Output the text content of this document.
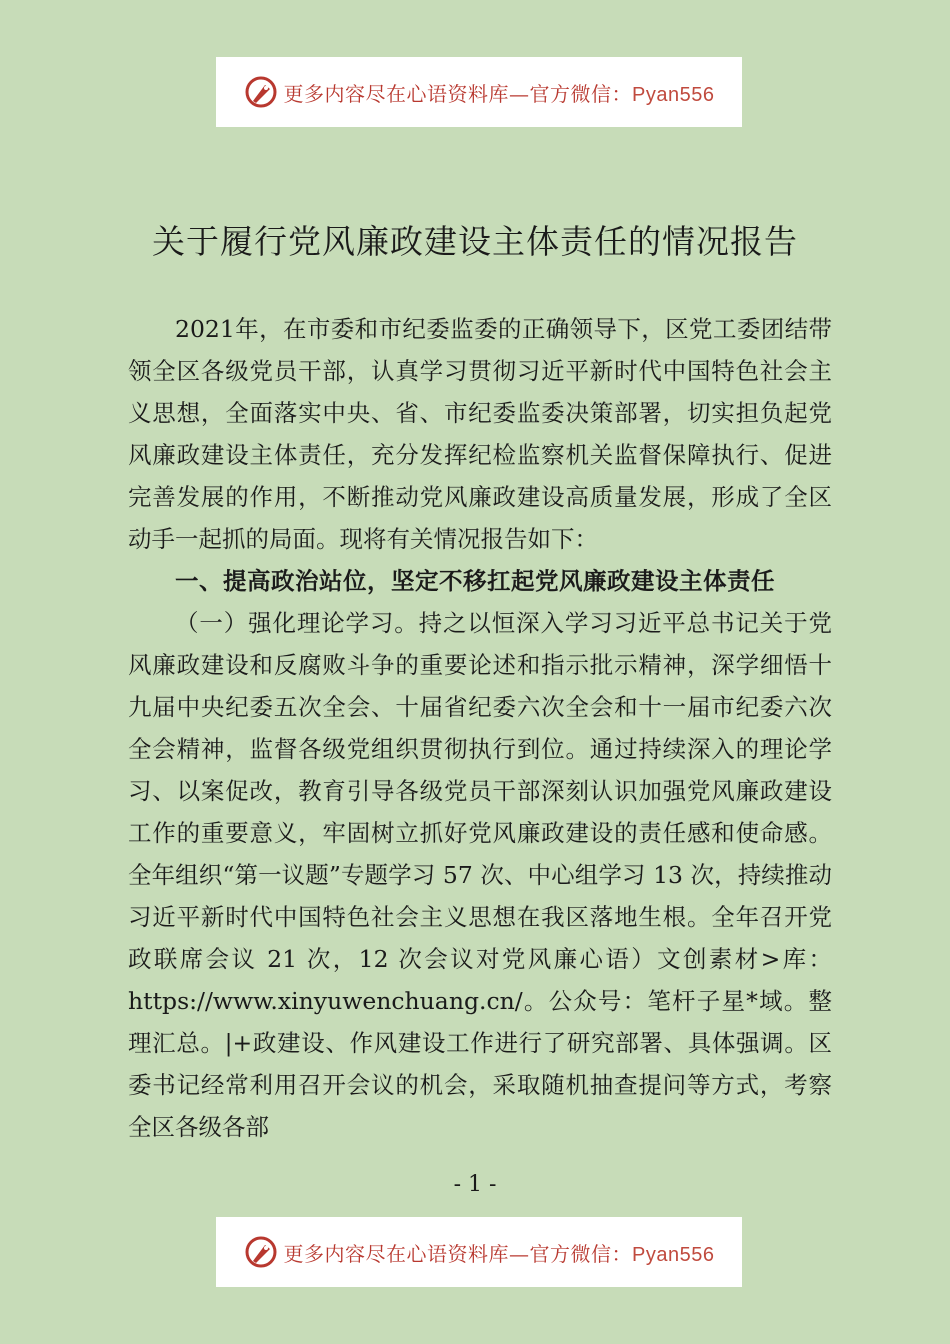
更多内容尽在心语资料库—官方微信：Pyan556
关于履行党风廉政建设主体责任的情况报告

2021年，在市委和市纪委监委的正确领导下，区党工委团结带领全区各级党员干部，认真学习贯彻习近平新时代中国特色社会主义思想，全面落实中央、省、市纪委监委决策部署，切实担负起党风廉政建设主体责任，充分发挥纪检监察机关监督保障执行、促进完善发展的作用，不断推动党风廉政建设高质量发展，形成了全区动手一起抓的局面。现将有关情况报告如下：

一、提高政治站位，坚定不移扛起党风廉政建设主体责任

（一）强化理论学习。持之以恒深入学习习近平总书记关于党风廉政建设和反腐败斗争的重要论述和指示批示精神，深学细悟十九届中央纪委五次全会、十届省纪委六次全会和十一届市纪委六次全会精神，监督各级党组织贯彻执行到位。通过持续深入的理论学习、以案促改，教育引导各级党员干部深刻认识加强党风廉政建设工作的重要意义，牢固树立抓好党风廉政建设的责任感和使命感。全年组织“第一议题”专题学习 57 次、中心组学习 13 次，持续推动习近平新时代中国特色社会主义思想在我区落地生根。全年召开党政联席会议 21 次，12 次会议对党风廉心语）文创素材>库：https://www.xinyuwenchuang.cn/。公众号：笔杆子星*域。整理汇总。|+政建设、作风建设工作进行了研究部署、具体强调。区委书记经常利用召开会议的机会，采取随机抽查提问等方式，考察全区各级各部

- 1 -
更多内容尽在心语资料库—官方微信：Pyan556
